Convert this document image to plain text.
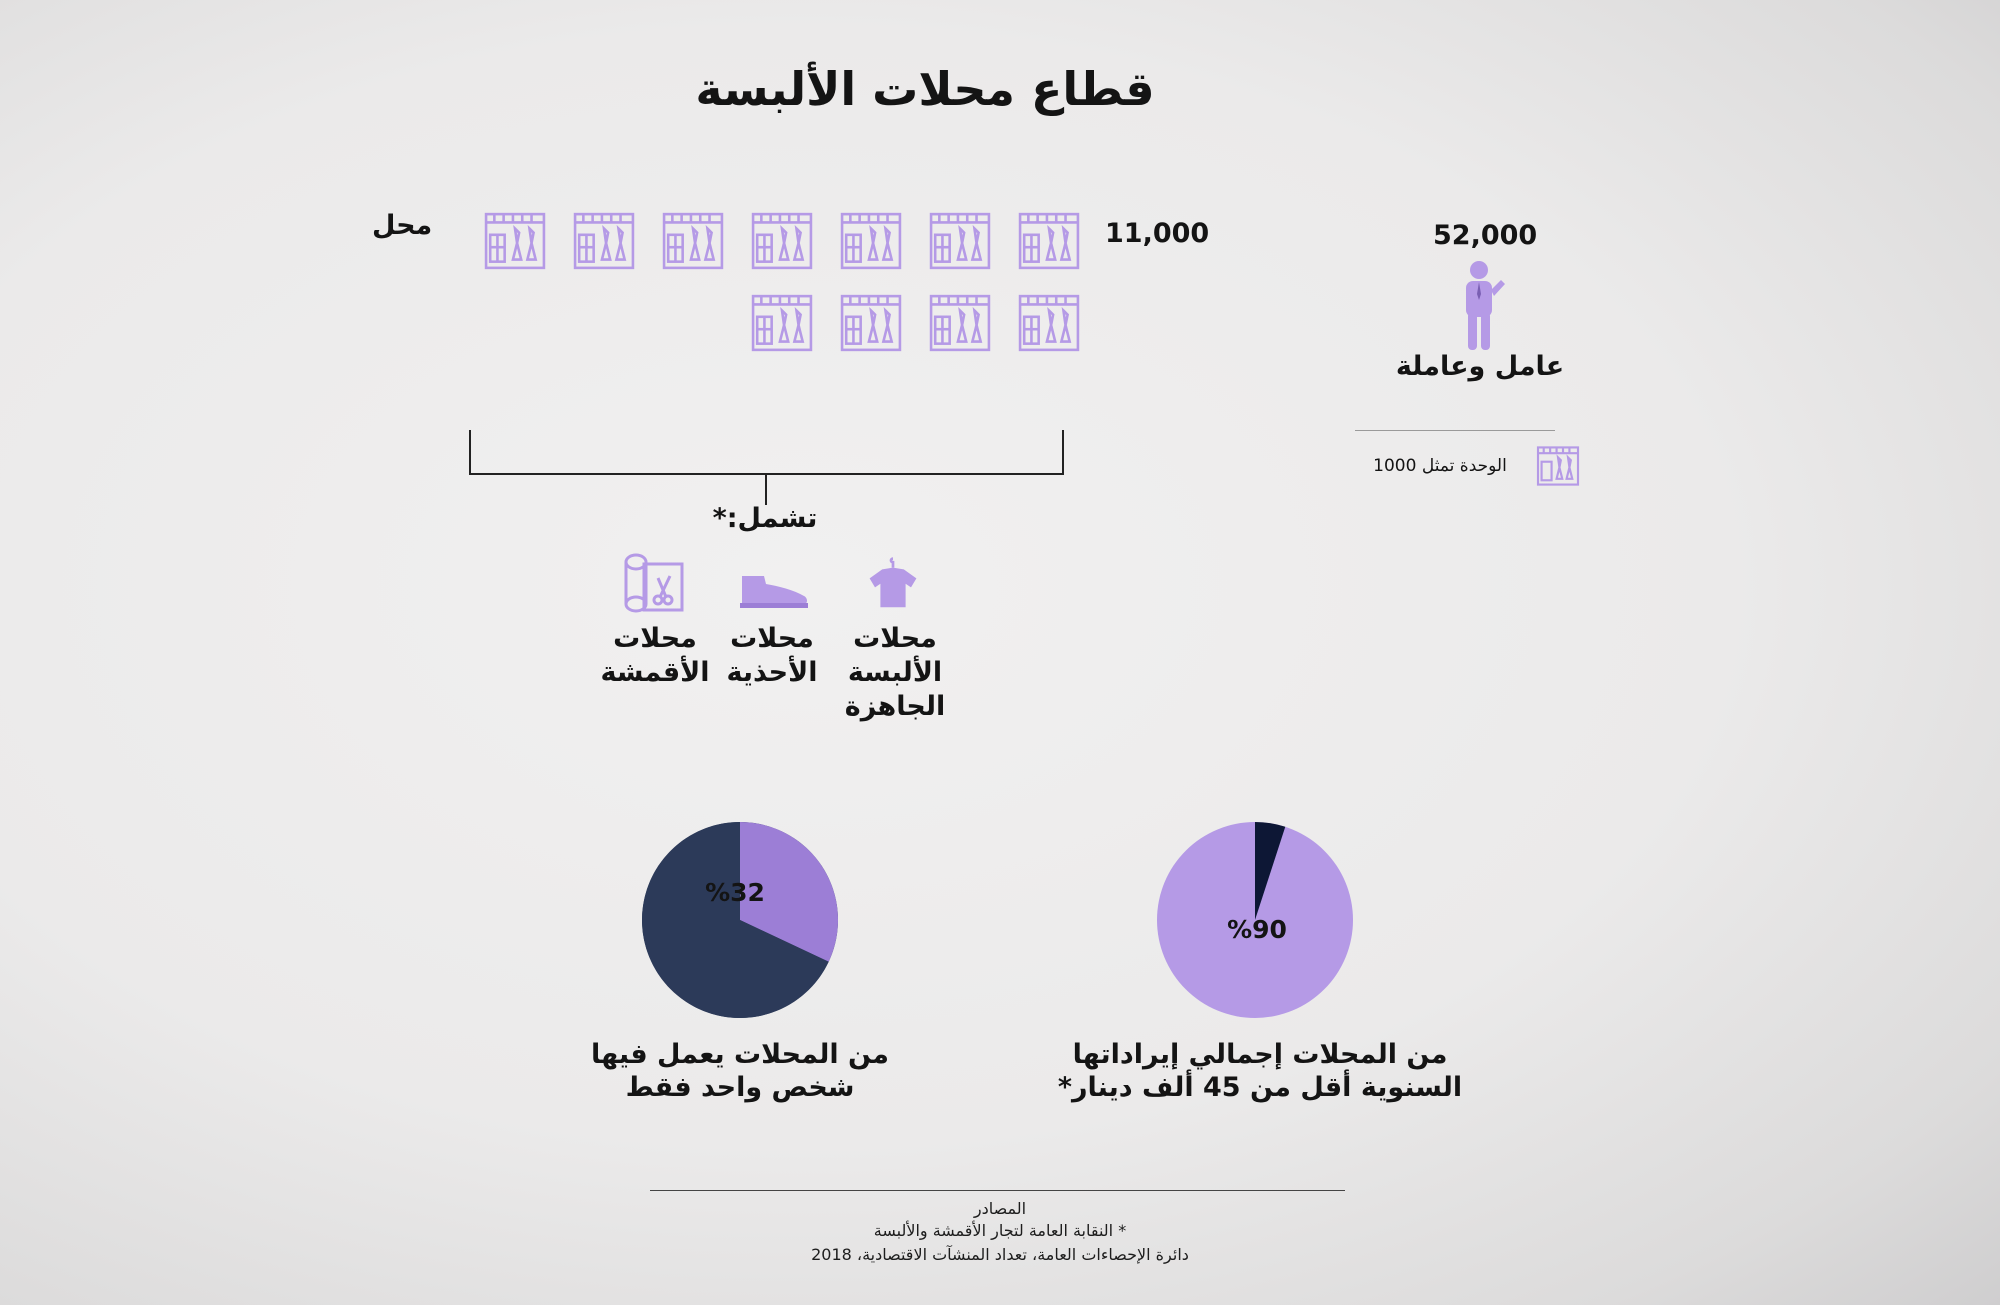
قطاع محلات الألبسة
محل	11,000	52,000
عامل وعاملة
الوحدة تمثل 1000
تشمل:*
محلات
الألبسة
الجاهزة
محلات
الأحذية
محلات
الأقمشة
%32
%90
من المحلات يعمل فيها
شخص واحد فقط
من المحلات إجمالي إيراداتها
السنوية أقل من 45 ألف دينار*
المصادر
* النقابة العامة لتجار الأقمشة والألبسة
دائرة الإحصاءات العامة، تعداد المنشآت الاقتصادية، 2018
